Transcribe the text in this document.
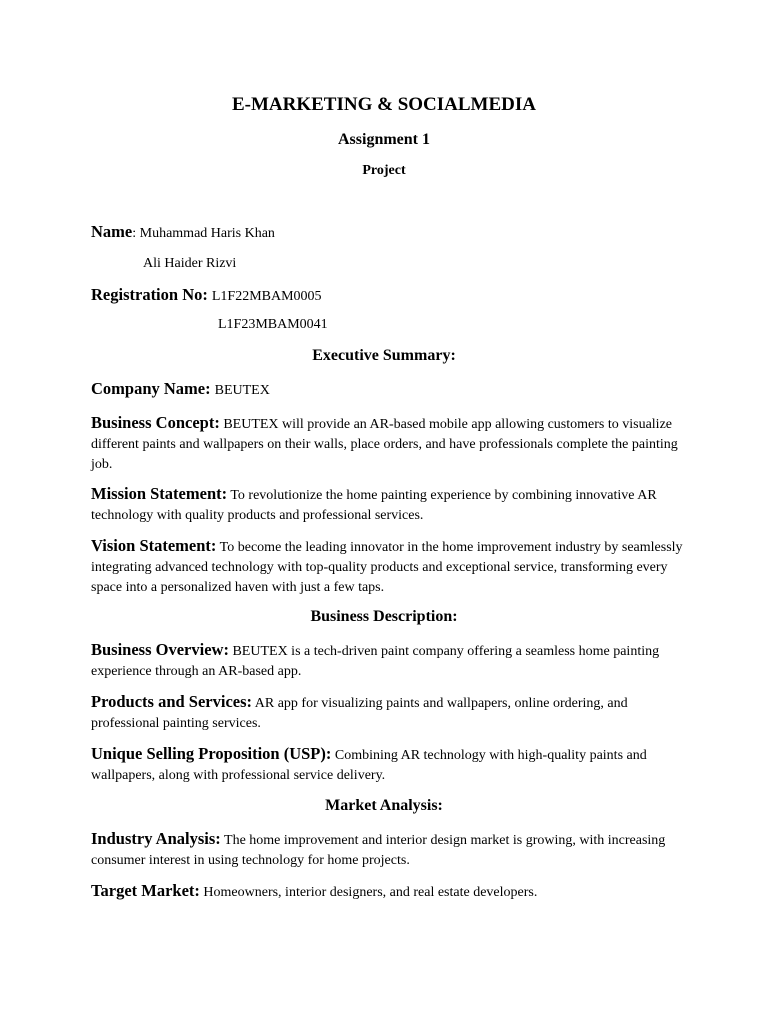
E-MARKETING & SOCIALMEDIA
Assignment 1
Project
Name: Muhammad Haris Khan
Ali Haider Rizvi
Registration No: L1F22MBAM0005
L1F23MBAM0041
Executive Summary:
Company Name: BEUTEX
Business Concept: BEUTEX will provide an AR-based mobile app allowing customers to visualize different paints and wallpapers on their walls, place orders, and have professionals complete the painting job.
Mission Statement: To revolutionize the home painting experience by combining innovative AR technology with quality products and professional services.
Vision Statement: To become the leading innovator in the home improvement industry by seamlessly integrating advanced technology with top-quality products and exceptional service, transforming every space into a personalized haven with just a few taps.
Business Description:
Business Overview: BEUTEX is a tech-driven paint company offering a seamless home painting experience through an AR-based app.
Products and Services: AR app for visualizing paints and wallpapers, online ordering, and professional painting services.
Unique Selling Proposition (USP): Combining AR technology with high-quality paints and wallpapers, along with professional service delivery.
Market Analysis:
Industry Analysis: The home improvement and interior design market is growing, with increasing consumer interest in using technology for home projects.
Target Market: Homeowners, interior designers, and real estate developers.
